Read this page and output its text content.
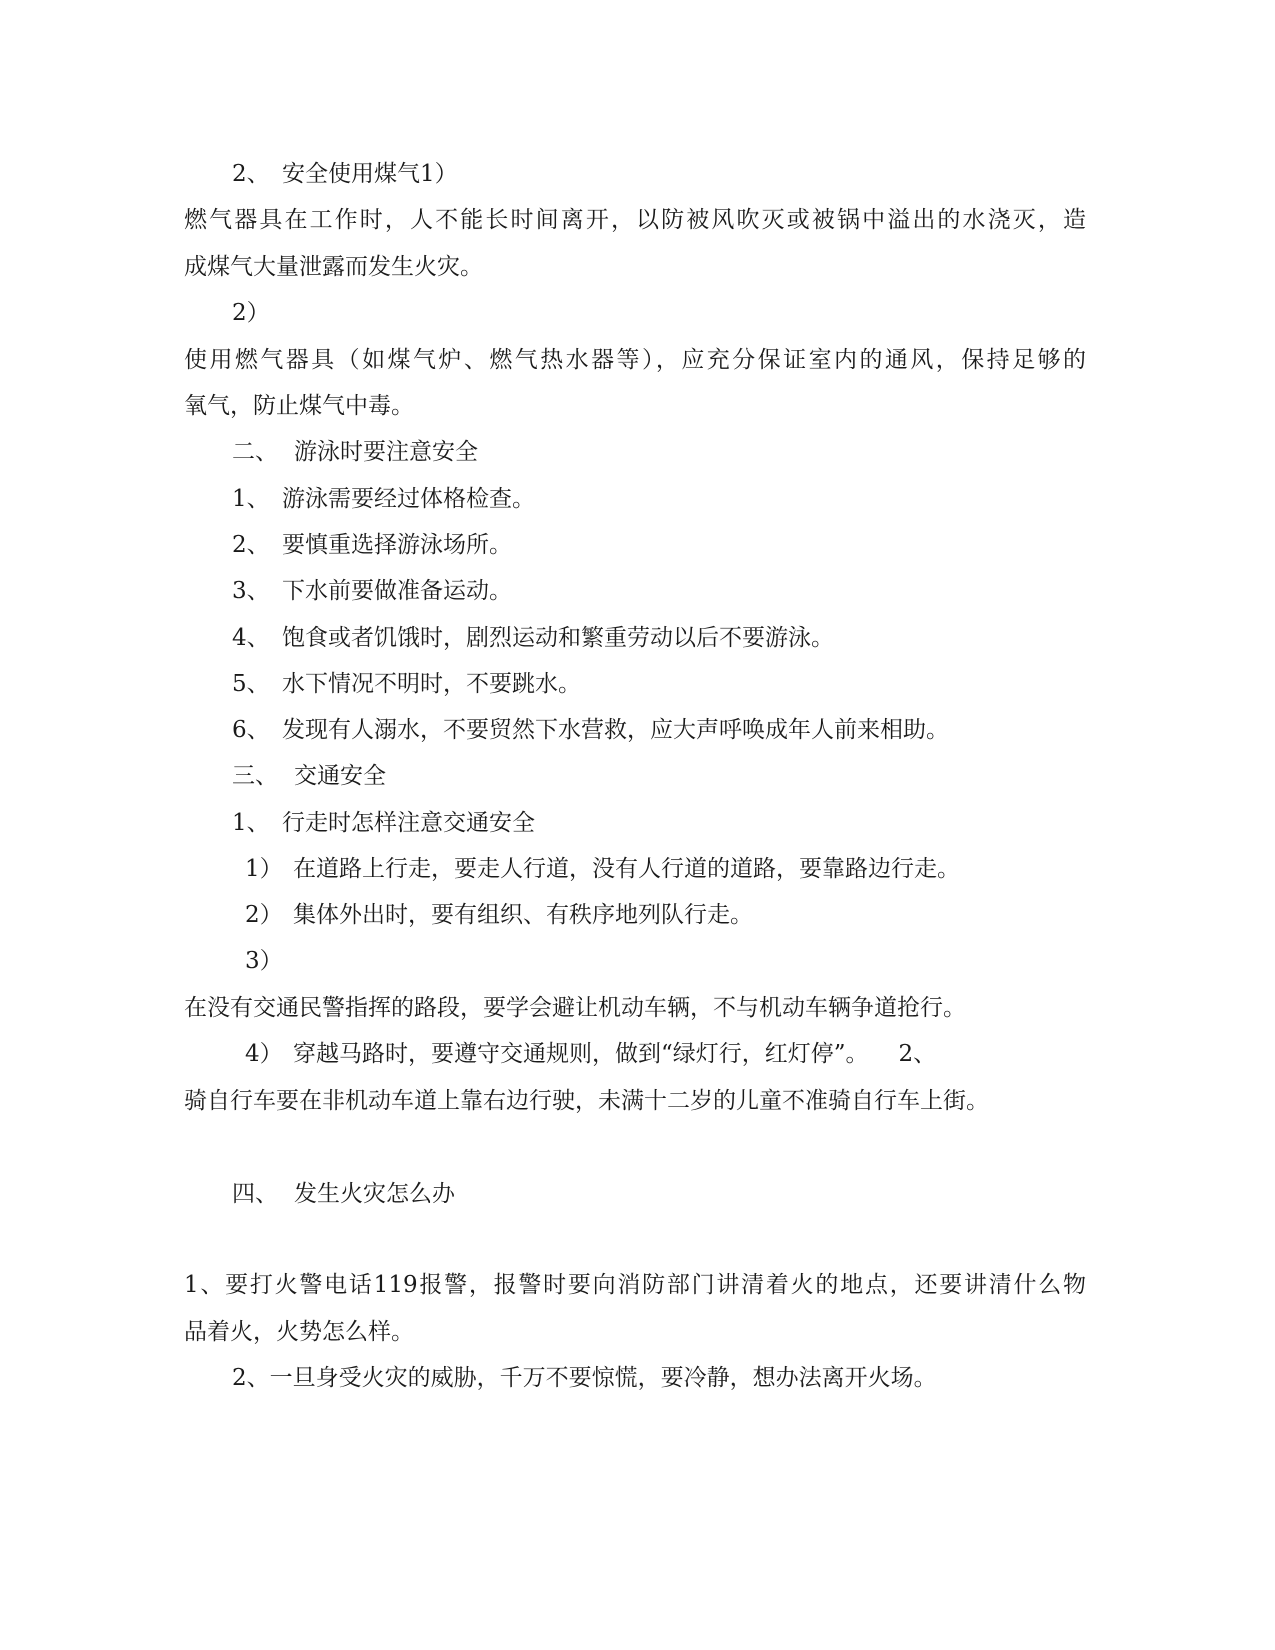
2、 安全使用煤气1）
燃气器具在工作时，人不能长时间离开，以防被风吹灭或被锅中溢出的水浇灭，造
成煤气大量泄露而发生火灾。
2）
使用燃气器具（如煤气炉、燃气热水器等），应充分保证室内的通风，保持足够的
氧气，防止煤气中毒。
二、 游泳时要注意安全
1、 游泳需要经过体格检查。
2、 要慎重选择游泳场所。
3、 下水前要做准备运动。
4、 饱食或者饥饿时，剧烈运动和繁重劳动以后不要游泳。
5、 水下情况不明时，不要跳水。
6、 发现有人溺水，不要贸然下水营救，应大声呼唤成年人前来相助。
三、 交通安全
1、 行走时怎样注意交通安全
1） 在道路上行走，要走人行道，没有人行道的道路，要靠路边行走。
2） 集体外出时，要有组织、有秩序地列队行走。
3）
在没有交通民警指挥的路段，要学会避让机动车辆，不与机动车辆争道抢行。
4） 穿越马路时，要遵守交通规则，做到“绿灯行，红灯停”。 2、
骑自行车要在非机动车道上靠右边行驶，未满十二岁的儿童不准骑自行车上街。
四、 发生火灾怎么办
1、要打火警电话119报警，报警时要向消防部门讲清着火的地点，还要讲清什么物
品着火，火势怎么样。
2、一旦身受火灾的威胁，千万不要惊慌，要冷静，想办法离开火场。
